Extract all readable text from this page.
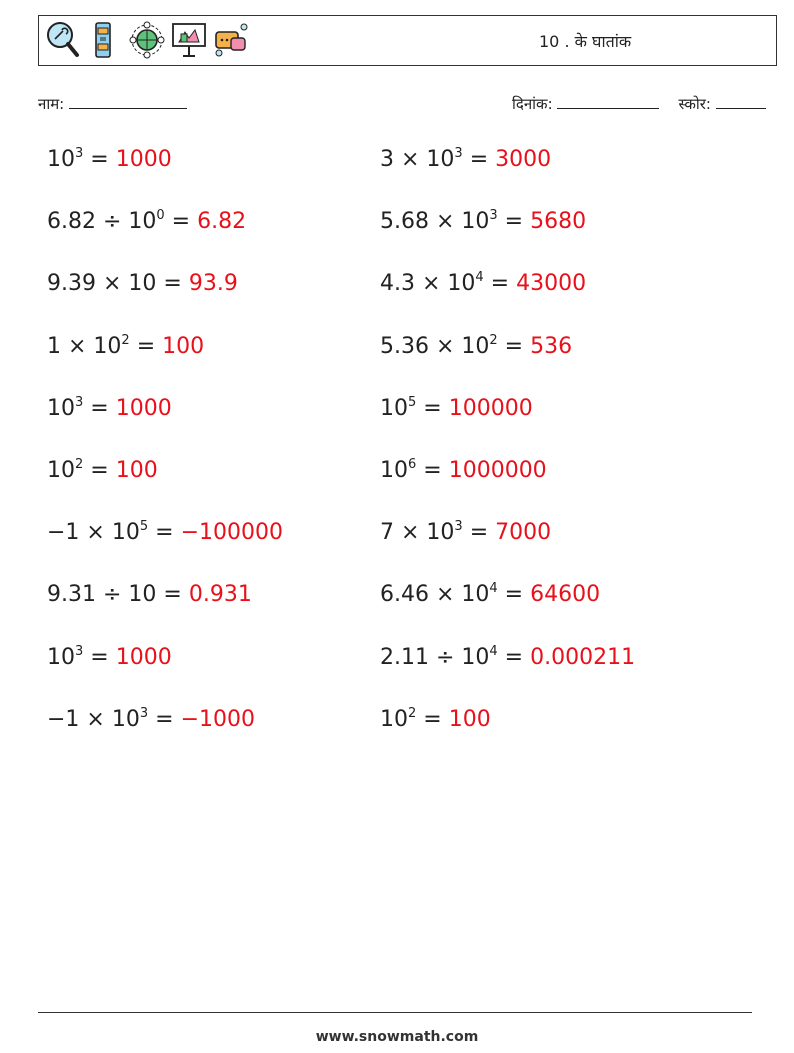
10 . के घातांक
नाम:	दिनांक:	स्कोर:
$10^3 = 1000$
$6.82 \div 10^0 = 6.82$
9.39 × 10 = 93.9
$1 \times 10^2 = 100$
$10^3 = 1000$
$10^2 = 100$
$-1 \times 10^5 = -100000$
9.31 ÷ 10 = 0.931
$10^3 = 1000$
$-1 \times 10^3 = -1000$
$3 \times 10^3 = 3000$
$5.68 \times 10^3 = 5680$
$4.3 \times 10^4 = 43000$
$5.36 \times 10^2 = 536$
$10^5 = 100000$
$10^6 = 1000000$
$7 \times 10^3 = 7000$
$6.46 \times 10^4 = 64600$
$2.11 \div 10^4 = 0.000211$
$10^2 = 100$
www.snowmath.com
